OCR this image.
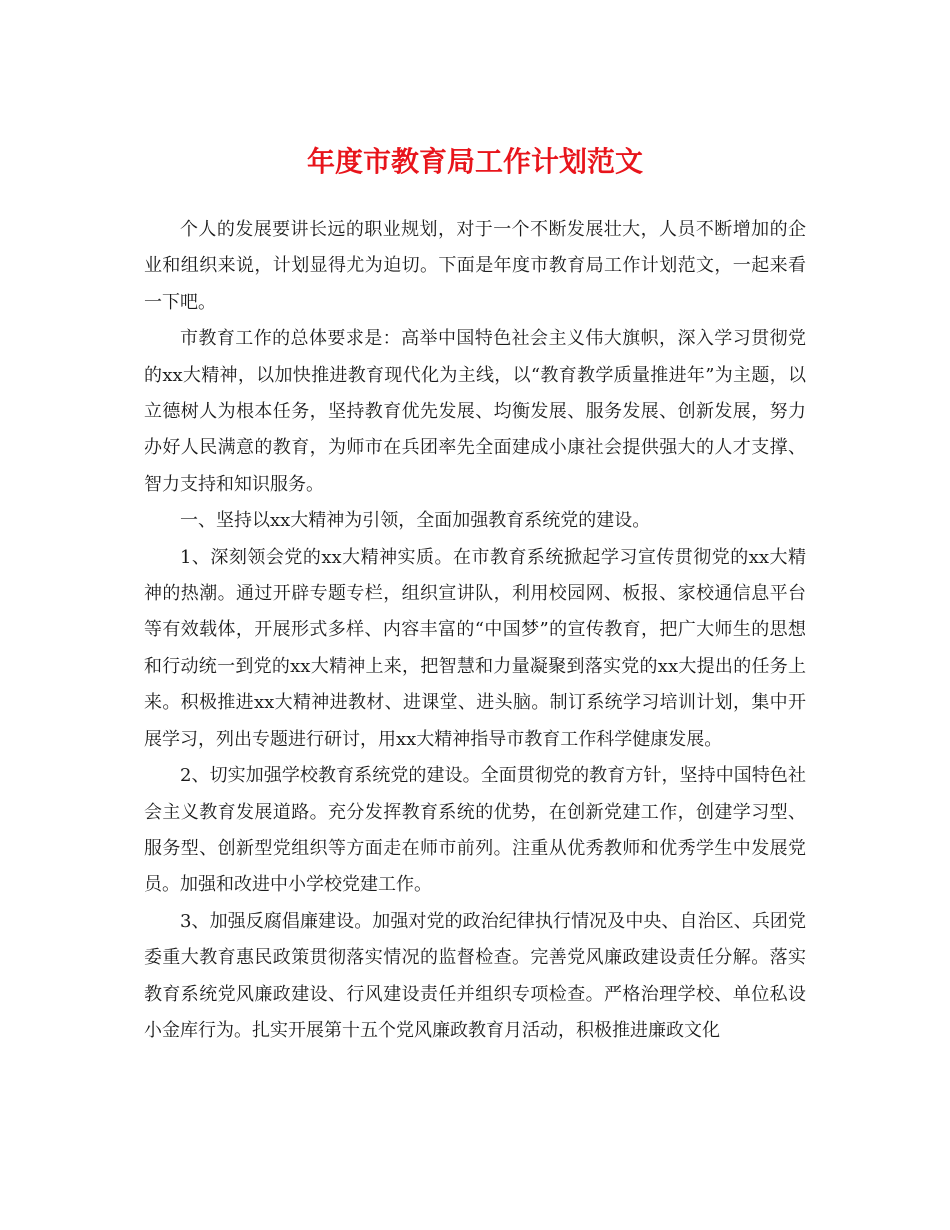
年度市教育局工作计划范文

个人的发展要讲长远的职业规划，对于一个不断发展壮大，人员不断增加的企业和组织来说，计划显得尤为迫切。下面是年度市教育局工作计划范文，一起来看一下吧。

市教育工作的总体要求是：高举中国特色社会主义伟大旗帜，深入学习贯彻党的xx大精神，以加快推进教育现代化为主线，以“教育教学质量推进年”为主题，以立德树人为根本任务，坚持教育优先发展、均衡发展、服务发展、创新发展，努力办好人民满意的教育，为师市在兵团率先全面建成小康社会提供强大的人才支撑、智力支持和知识服务。

一、坚持以xx大精神为引领，全面加强教育系统党的建设。

1、深刻领会党的xx大精神实质。在市教育系统掀起学习宣传贯彻党的xx大精神的热潮。通过开辟专题专栏，组织宣讲队，利用校园网、板报、家校通信息平台等有效载体，开展形式多样、内容丰富的“中国梦”的宣传教育，把广大师生的思想和行动统一到党的xx大精神上来，把智慧和力量凝聚到落实党的xx大提出的任务上来。积极推进xx大精神进教材、进课堂、进头脑。制订系统学习培训计划，集中开展学习，列出专题进行研讨，用xx大精神指导市教育工作科学健康发展。

2、切实加强学校教育系统党的建设。全面贯彻党的教育方针，坚持中国特色社会主义教育发展道路。充分发挥教育系统的优势，在创新党建工作，创建学习型、服务型、创新型党组织等方面走在师市前列。注重从优秀教师和优秀学生中发展党员。加强和改进中小学校党建工作。

3、加强反腐倡廉建设。加强对党的政治纪律执行情况及中央、自治区、兵团党委重大教育惠民政策贯彻落实情况的监督检查。完善党风廉政建设责任分解。落实教育系统党风廉政建设、行风建设责任并组织专项检查。严格治理学校、单位私设小金库行为。扎实开展第十五个党风廉政教育月活动，积极推进廉政文化
